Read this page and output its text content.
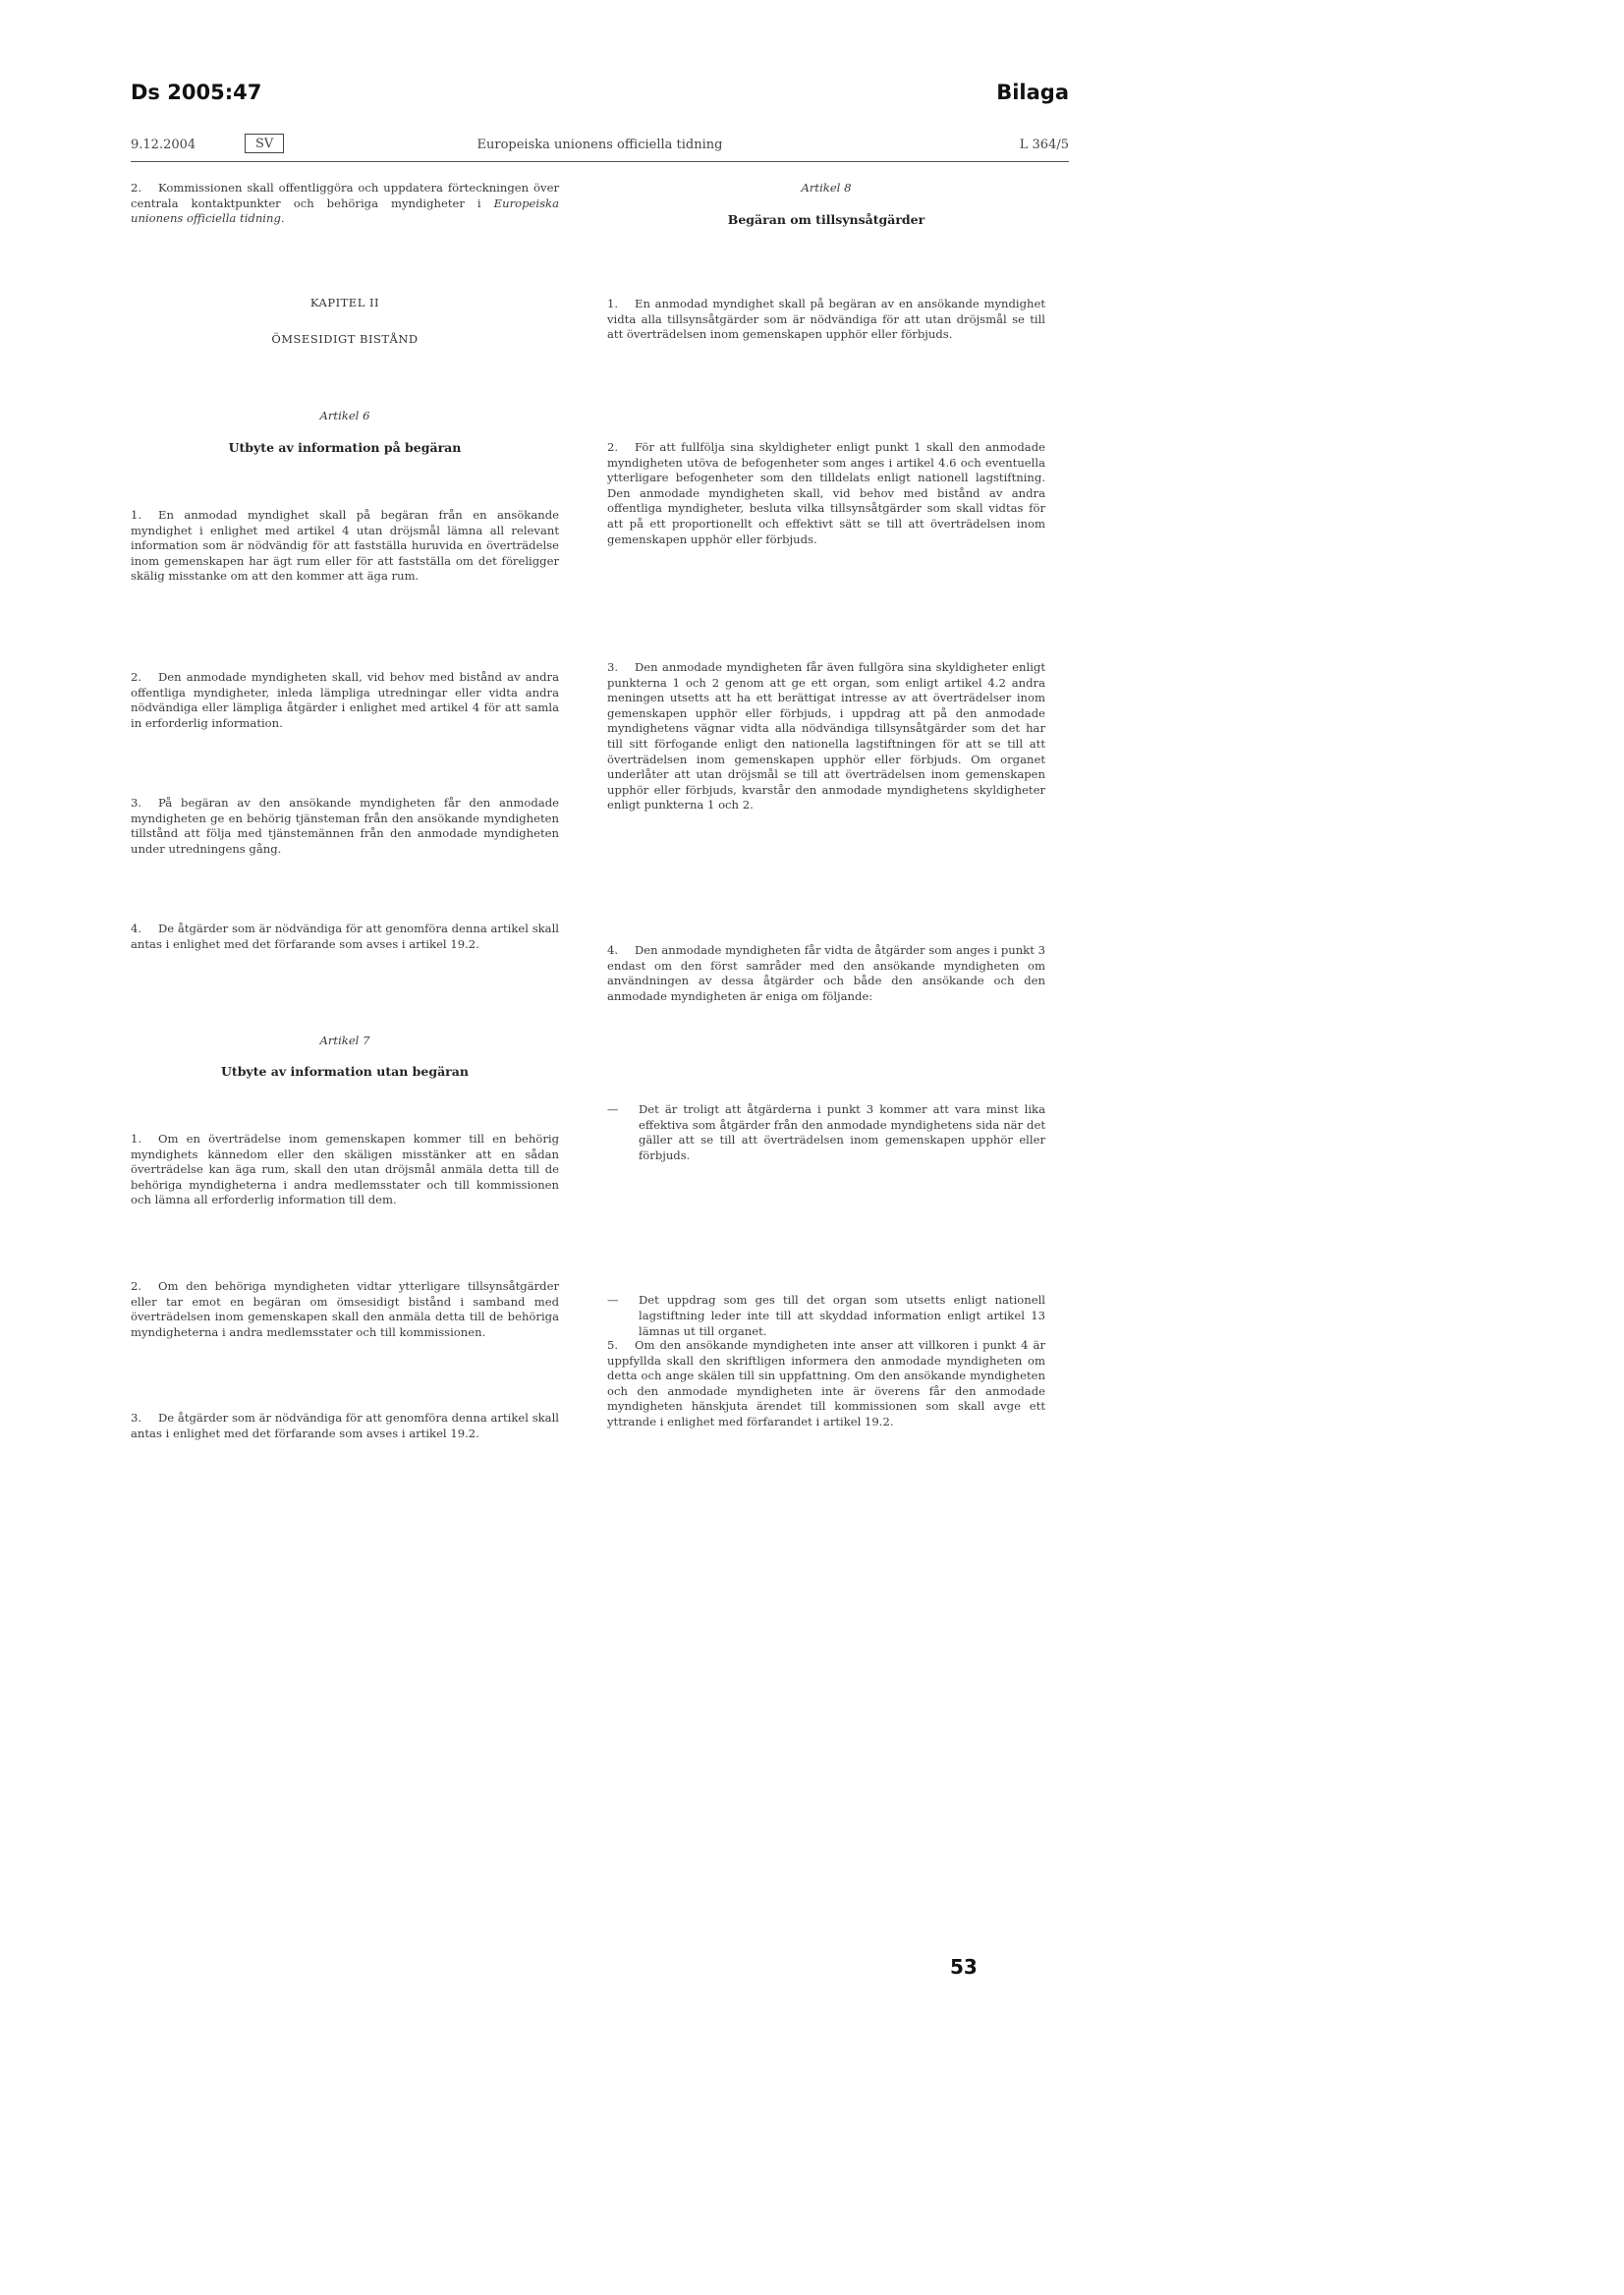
Ds 2005:47	Bilaga
9.12.2004	SV	Europeiska unionens officiella tidning	L 364/5

2. Kommissionen skall offentliggöra och uppdatera förteckningen över centrala kontaktpunkter och behöriga myndigheter i Europeiska unionens officiella tidning.

KAPITEL II

ÖMSESIDIGT BISTÅND

Artikel 6

Utbyte av information på begäran

1. En anmodad myndighet skall på begäran från en ansökande myndighet i enlighet med artikel 4 utan dröjsmål lämna all relevant information som är nödvändig för att fastställa huruvida en överträdelse inom gemenskapen har ägt rum eller för att fastställa om det föreligger skälig misstanke om att den kommer att äga rum.

2. Den anmodade myndigheten skall, vid behov med bistånd av andra offentliga myndigheter, inleda lämpliga utredningar eller vidta andra nödvändiga eller lämpliga åtgärder i enlighet med artikel 4 för att samla in erforderlig information.

3. På begäran av den ansökande myndigheten får den anmodade myndigheten ge en behörig tjänsteman från den ansökande myndigheten tillstånd att följa med tjänstemännen från den anmodade myndigheten under utredningens gång.

4. De åtgärder som är nödvändiga för att genomföra denna artikel skall antas i enlighet med det förfarande som avses i artikel 19.2.

Artikel 7

Utbyte av information utan begäran

1. Om en överträdelse inom gemenskapen kommer till en behörig myndighets kännedom eller den skäligen misstänker att en sådan överträdelse kan äga rum, skall den utan dröjsmål anmäla detta till de behöriga myndigheterna i andra medlemsstater och till kommissionen och lämna all erforderlig information till dem.

2. Om den behöriga myndigheten vidtar ytterligare tillsynsåtgärder eller tar emot en begäran om ömsesidigt bistånd i samband med överträdelsen inom gemenskapen skall den anmäla detta till de behöriga myndigheterna i andra medlemsstater och till kommissionen.

3. De åtgärder som är nödvändiga för att genomföra denna artikel skall antas i enlighet med det förfarande som avses i artikel 19.2.

Artikel 8

Begäran om tillsynsåtgärder

1. En anmodad myndighet skall på begäran av en ansökande myndighet vidta alla tillsynsåtgärder som är nödvändiga för att utan dröjsmål se till att överträdelsen inom gemenskapen upphör eller förbjuds.

2. För att fullfölja sina skyldigheter enligt punkt 1 skall den anmodade myndigheten utöva de befogenheter som anges i artikel 4.6 och eventuella ytterligare befogenheter som den tilldelats enligt nationell lagstiftning. Den anmodade myndigheten skall, vid behov med bistånd av andra offentliga myndigheter, besluta vilka tillsynsåtgärder som skall vidtas för att på ett proportionellt och effektivt sätt se till att överträdelsen inom gemenskapen upphör eller förbjuds.

3. Den anmodade myndigheten får även fullgöra sina skyldigheter enligt punkterna 1 och 2 genom att ge ett organ, som enligt artikel 4.2 andra meningen utsetts att ha ett berättigat intresse av att överträdelser inom gemenskapen upphör eller förbjuds, i uppdrag att på den anmodade myndighetens vägnar vidta alla nödvändiga tillsynsåtgärder som det har till sitt förfogande enligt den nationella lagstiftningen för att se till att överträdelsen inom gemenskapen upphör eller förbjuds. Om organet underlåter att utan dröjsmål se till att överträdelsen inom gemenskapen upphör eller förbjuds, kvarstår den anmodade myndighetens skyldigheter enligt punkterna 1 och 2.

4. Den anmodade myndigheten får vidta de åtgärder som anges i punkt 3 endast om den först samråder med den ansökande myndigheten om användningen av dessa åtgärder och både den ansökande och den anmodade myndigheten är eniga om följande:

— Det är troligt att åtgärderna i punkt 3 kommer att vara minst lika effektiva som åtgärder från den anmodade myndighetens sida när det gäller att se till att överträdelsen inom gemenskapen upphör eller förbjuds.

— Det uppdrag som ges till det organ som utsetts enligt nationell lagstiftning leder inte till att skyddad information enligt artikel 13 lämnas ut till organet.

5. Om den ansökande myndigheten inte anser att villkoren i punkt 4 är uppfyllda skall den skriftligen informera den anmodade myndigheten om detta och ange skälen till sin uppfattning. Om den ansökande myndigheten och den anmodade myndigheten inte är överens får den anmodade myndigheten hänskjuta ärendet till kommissionen som skall avge ett yttrande i enlighet med förfarandet i artikel 19.2.

53
